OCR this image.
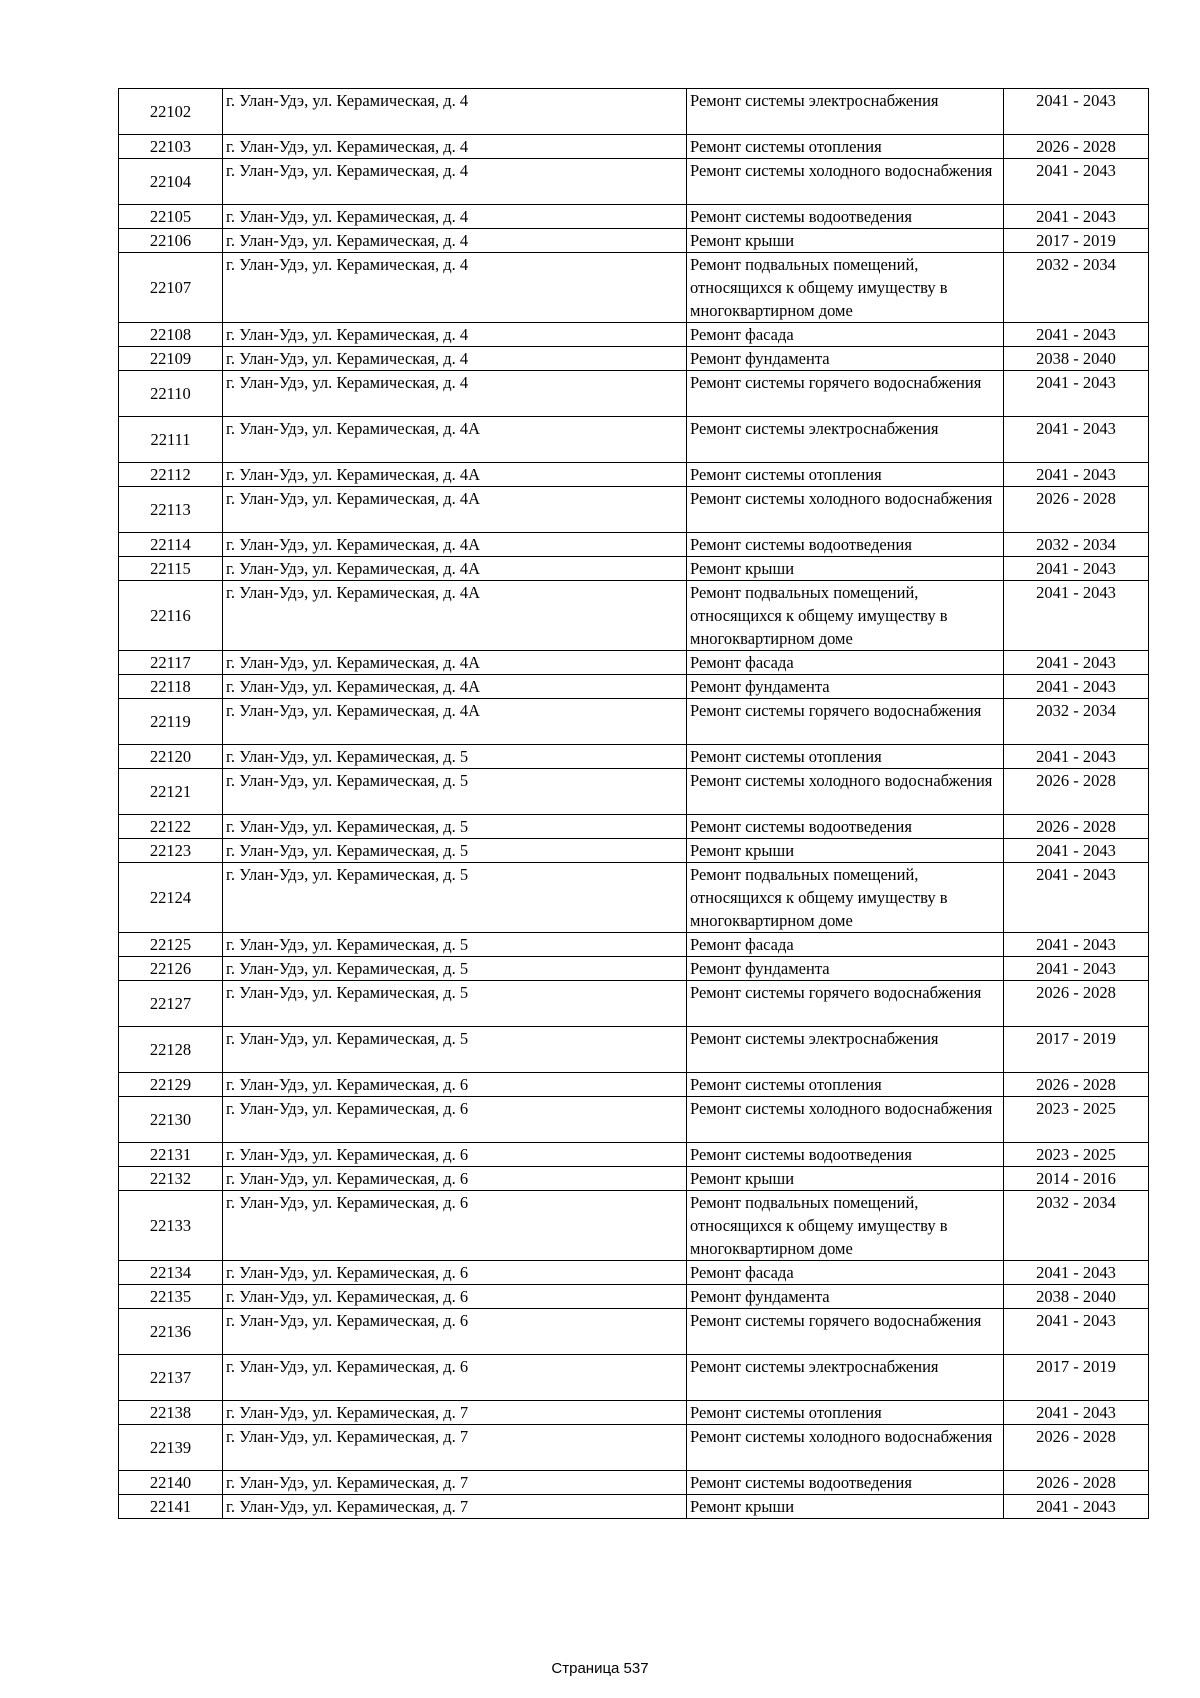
22102	г. Улан-Удэ, ул. Керамическая, д. 4	Ремонт системы электроснабжения	2041 - 2043
22103	г. Улан-Удэ, ул. Керамическая, д. 4	Ремонт системы отопления	2026 - 2028
22104	г. Улан-Удэ, ул. Керамическая, д. 4	Ремонт системы холодного водоснабжения	2041 - 2043
22105	г. Улан-Удэ, ул. Керамическая, д. 4	Ремонт системы водоотведения	2041 - 2043
22106	г. Улан-Удэ, ул. Керамическая, д. 4	Ремонт крыши	2017 - 2019
22107	г. Улан-Удэ, ул. Керамическая, д. 4	Ремонт подвальных помещений, относящихся к общему имуществу в многоквартирном доме	2032 - 2034
22108	г. Улан-Удэ, ул. Керамическая, д. 4	Ремонт фасада	2041 - 2043
22109	г. Улан-Удэ, ул. Керамическая, д. 4	Ремонт фундамента	2038 - 2040
22110	г. Улан-Удэ, ул. Керамическая, д. 4	Ремонт системы горячего водоснабжения	2041 - 2043
22111	г. Улан-Удэ, ул. Керамическая, д. 4А	Ремонт системы электроснабжения	2041 - 2043
22112	г. Улан-Удэ, ул. Керамическая, д. 4А	Ремонт системы отопления	2041 - 2043
22113	г. Улан-Удэ, ул. Керамическая, д. 4А	Ремонт системы холодного водоснабжения	2026 - 2028
22114	г. Улан-Удэ, ул. Керамическая, д. 4А	Ремонт системы водоотведения	2032 - 2034
22115	г. Улан-Удэ, ул. Керамическая, д. 4А	Ремонт крыши	2041 - 2043
22116	г. Улан-Удэ, ул. Керамическая, д. 4А	Ремонт подвальных помещений, относящихся к общему имуществу в многоквартирном доме	2041 - 2043
22117	г. Улан-Удэ, ул. Керамическая, д. 4А	Ремонт фасада	2041 - 2043
22118	г. Улан-Удэ, ул. Керамическая, д. 4А	Ремонт фундамента	2041 - 2043
22119	г. Улан-Удэ, ул. Керамическая, д. 4А	Ремонт системы горячего водоснабжения	2032 - 2034
22120	г. Улан-Удэ, ул. Керамическая, д. 5	Ремонт системы отопления	2041 - 2043
22121	г. Улан-Удэ, ул. Керамическая, д. 5	Ремонт системы холодного водоснабжения	2026 - 2028
22122	г. Улан-Удэ, ул. Керамическая, д. 5	Ремонт системы водоотведения	2026 - 2028
22123	г. Улан-Удэ, ул. Керамическая, д. 5	Ремонт крыши	2041 - 2043
22124	г. Улан-Удэ, ул. Керамическая, д. 5	Ремонт подвальных помещений, относящихся к общему имуществу в многоквартирном доме	2041 - 2043
22125	г. Улан-Удэ, ул. Керамическая, д. 5	Ремонт фасада	2041 - 2043
22126	г. Улан-Удэ, ул. Керамическая, д. 5	Ремонт фундамента	2041 - 2043
22127	г. Улан-Удэ, ул. Керамическая, д. 5	Ремонт системы горячего водоснабжения	2026 - 2028
22128	г. Улан-Удэ, ул. Керамическая, д. 5	Ремонт системы электроснабжения	2017 - 2019
22129	г. Улан-Удэ, ул. Керамическая, д. 6	Ремонт системы отопления	2026 - 2028
22130	г. Улан-Удэ, ул. Керамическая, д. 6	Ремонт системы холодного водоснабжения	2023 - 2025
22131	г. Улан-Удэ, ул. Керамическая, д. 6	Ремонт системы водоотведения	2023 - 2025
22132	г. Улан-Удэ, ул. Керамическая, д. 6	Ремонт крыши	2014 - 2016
22133	г. Улан-Удэ, ул. Керамическая, д. 6	Ремонт подвальных помещений, относящихся к общему имуществу в многоквартирном доме	2032 - 2034
22134	г. Улан-Удэ, ул. Керамическая, д. 6	Ремонт фасада	2041 - 2043
22135	г. Улан-Удэ, ул. Керамическая, д. 6	Ремонт фундамента	2038 - 2040
22136	г. Улан-Удэ, ул. Керамическая, д. 6	Ремонт системы горячего водоснабжения	2041 - 2043
22137	г. Улан-Удэ, ул. Керамическая, д. 6	Ремонт системы электроснабжения	2017 - 2019
22138	г. Улан-Удэ, ул. Керамическая, д. 7	Ремонт системы отопления	2041 - 2043
22139	г. Улан-Удэ, ул. Керамическая, д. 7	Ремонт системы холодного водоснабжения	2026 - 2028
22140	г. Улан-Удэ, ул. Керамическая, д. 7	Ремонт системы водоотведения	2026 - 2028
22141	г. Улан-Удэ, ул. Керамическая, д. 7	Ремонт крыши	2041 - 2043
Страница 537
